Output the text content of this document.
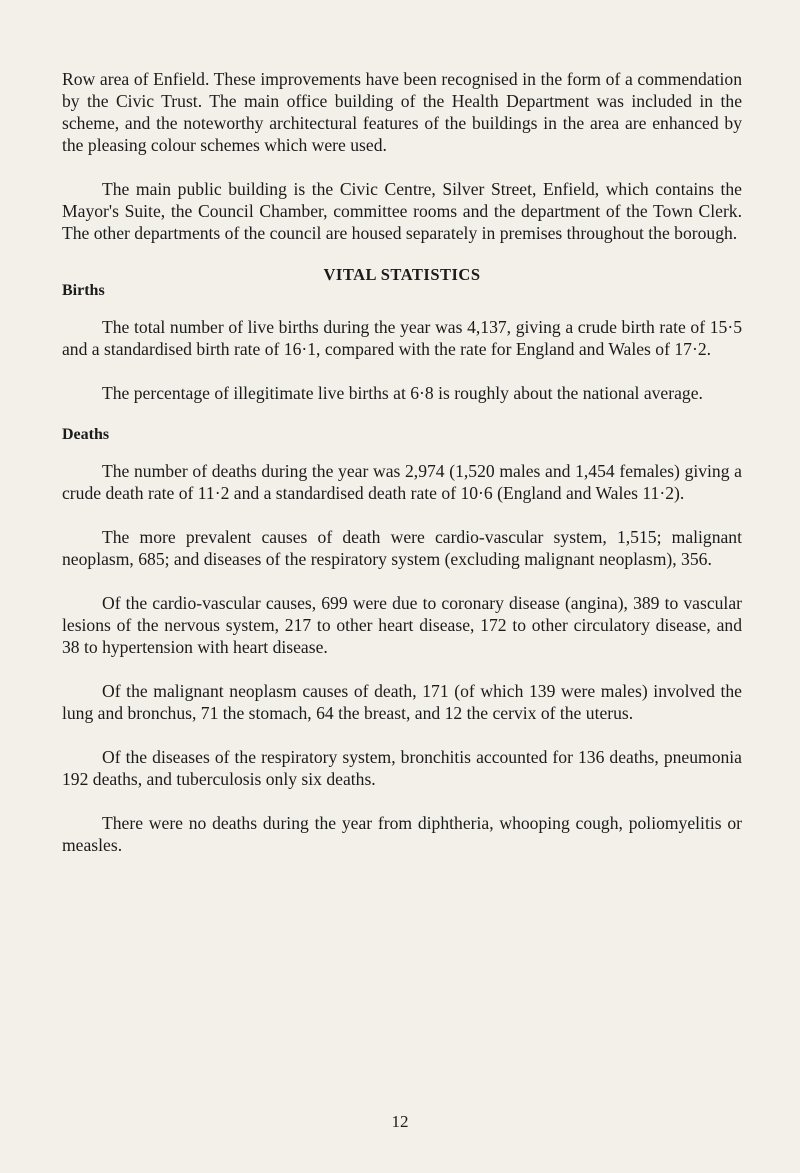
Row area of Enfield. These improvements have been recognised in the form of a commendation by the Civic Trust. The main office building of the Health Department was included in the scheme, and the noteworthy architectural features of the buildings in the area are enhanced by the pleasing colour schemes which were used.

The main public building is the Civic Centre, Silver Street, Enfield, which contains the Mayor's Suite, the Council Chamber, committee rooms and the department of the Town Clerk. The other departments of the council are housed separately in premises throughout the borough.

VITAL STATISTICS
Births

The total number of live births during the year was 4,137, giving a crude birth rate of 15·5 and a standardised birth rate of 16·1, compared with the rate for England and Wales of 17·2.

The percentage of illegitimate live births at 6·8 is roughly about the national average.

Deaths

The number of deaths during the year was 2,974 (1,520 males and 1,454 females) giving a crude death rate of 11·2 and a standardised death rate of 10·6 (England and Wales 11·2).

The more prevalent causes of death were cardio-vascular system, 1,515; malignant neoplasm, 685; and diseases of the respiratory system (excluding malignant neoplasm), 356.

Of the cardio-vascular causes, 699 were due to coronary disease (angina), 389 to vascular lesions of the nervous system, 217 to other heart disease, 172 to other circulatory disease, and 38 to hypertension with heart disease.

Of the malignant neoplasm causes of death, 171 (of which 139 were males) involved the lung and bronchus, 71 the stomach, 64 the breast, and 12 the cervix of the uterus.

Of the diseases of the respiratory system, bronchitis accounted for 136 deaths, pneumonia 192 deaths, and tuberculosis only six deaths.

There were no deaths during the year from diphtheria, whooping cough, poliomyelitis or measles.

12
